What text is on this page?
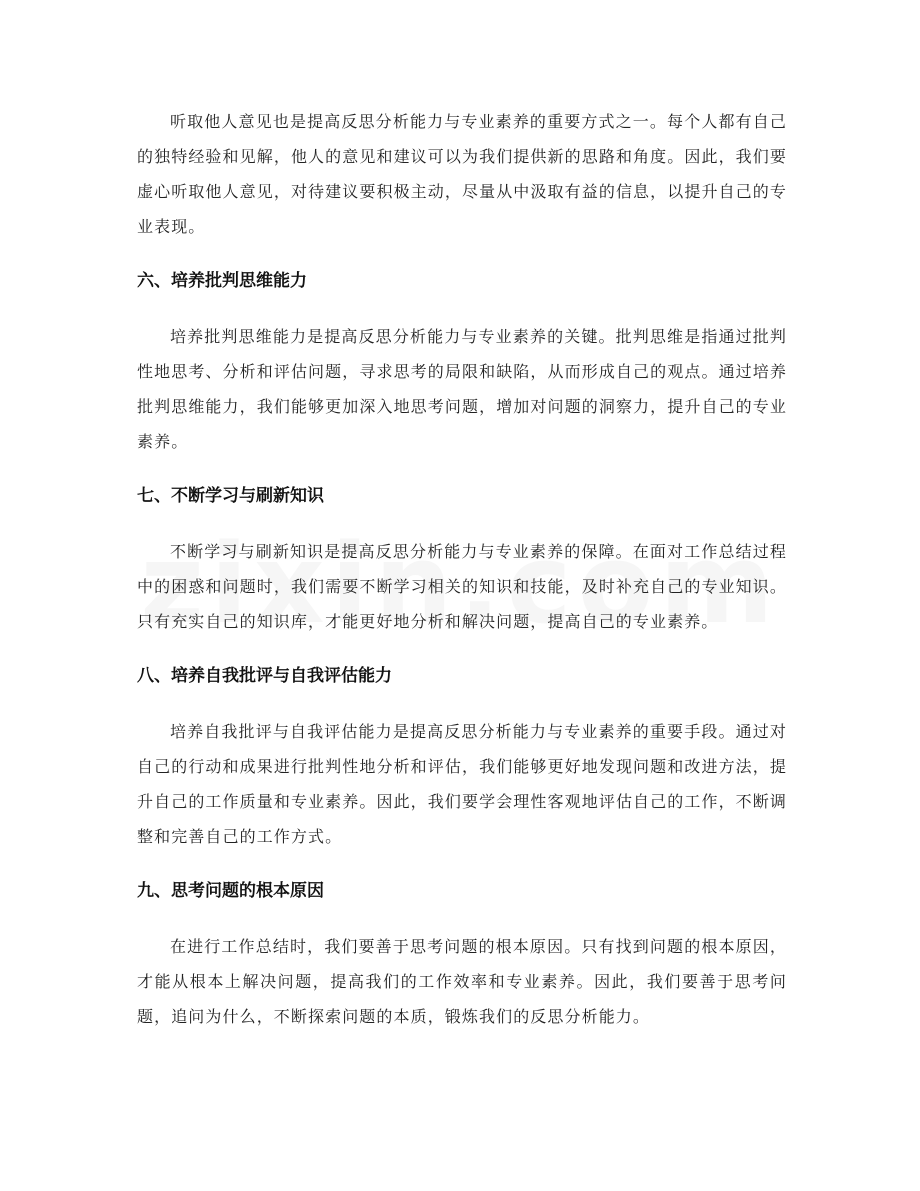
听取他人意见也是提高反思分析能力与专业素养的重要方式之一。每个人都有自己的独特经验和见解，他人的意见和建议可以为我们提供新的思路和角度。因此，我们要虚心听取他人意见，对待建议要积极主动，尽量从中汲取有益的信息，以提升自己的专业表现。

六、培养批判思维能力

培养批判思维能力是提高反思分析能力与专业素养的关键。批判思维是指通过批判性地思考、分析和评估问题，寻求思考的局限和缺陷，从而形成自己的观点。通过培养批判思维能力，我们能够更加深入地思考问题，增加对问题的洞察力，提升自己的专业素养。

七、不断学习与刷新知识

不断学习与刷新知识是提高反思分析能力与专业素养的保障。在面对工作总结过程中的困惑和问题时，我们需要不断学习相关的知识和技能，及时补充自己的专业知识。只有充实自己的知识库，才能更好地分析和解决问题，提高自己的专业素养。

八、培养自我批评与自我评估能力

培养自我批评与自我评估能力是提高反思分析能力与专业素养的重要手段。通过对自己的行动和成果进行批判性地分析和评估，我们能够更好地发现问题和改进方法，提升自己的工作质量和专业素养。因此，我们要学会理性客观地评估自己的工作，不断调整和完善自己的工作方式。

九、思考问题的根本原因

在进行工作总结时，我们要善于思考问题的根本原因。只有找到问题的根本原因，才能从根本上解决问题，提高我们的工作效率和专业素养。因此，我们要善于思考问题，追问为什么，不断探索问题的本质，锻炼我们的反思分析能力。
